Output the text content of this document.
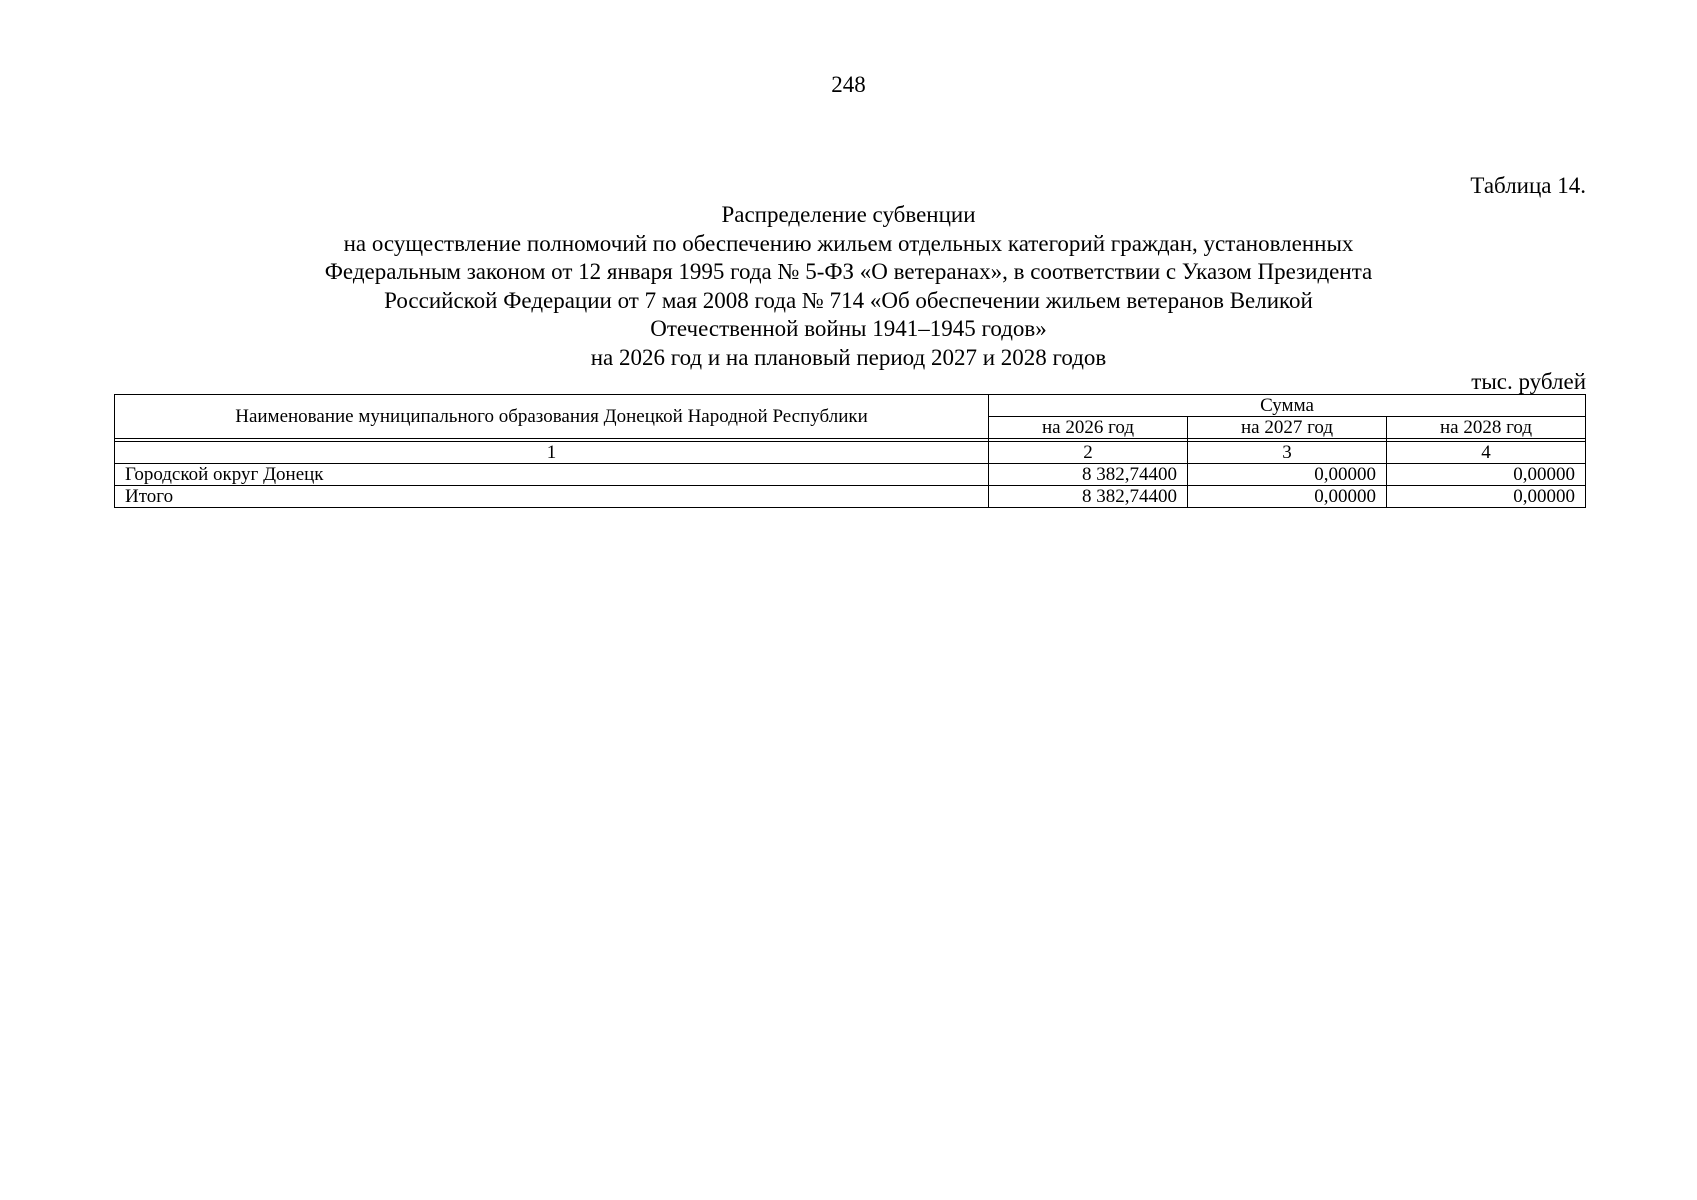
248
Таблица 14.
Распределение субвенции
на осуществление полномочий по обеспечению жильем отдельных категорий граждан, установленных
Федеральным законом от 12 января 1995 года № 5-ФЗ «О ветеранах», в соответствии с Указом Президента
Российской Федерации от 7 мая 2008 года № 714 «Об обеспечении жильем ветеранов Великой
Отечественной войны 1941–1945 годов»
на 2026 год и на плановый период 2027 и 2028 годов
тыс. рублей
Наименование муниципального образования Донецкой Народной Республики	Сумма		
	на 2026 год	на 2027 год	на 2028 год

1	2	3	4
Городской округ Донецк	8 382,74400	0,00000	0,00000
Итого	8 382,74400	0,00000	0,00000
